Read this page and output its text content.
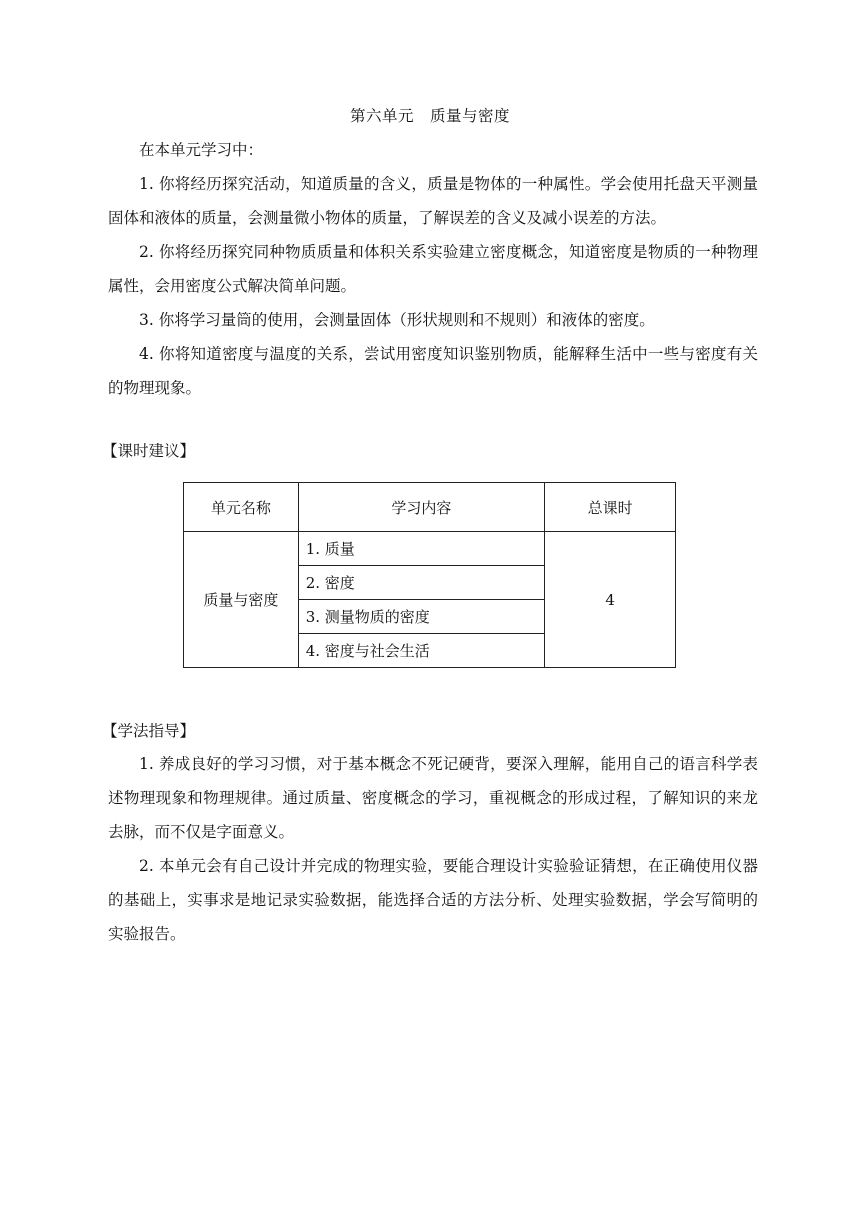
第六单元　质量与密度

在本单元学习中：

1. 你将经历探究活动，知道质量的含义，质量是物体的一种属性。学会使用托盘天平测量固体和液体的质量，会测量微小物体的质量，了解误差的含义及减小误差的方法。

2. 你将经历探究同种物质质量和体积关系实验建立密度概念，知道密度是物质的一种物理属性，会用密度公式解决简单问题。

3. 你将学习量筒的使用，会测量固体（形状规则和不规则）和液体的密度。

4. 你将知道密度与温度的关系，尝试用密度知识鉴别物质，能解释生活中一些与密度有关的物理现象。

【课时建议】

单元名称	学习内容	总课时
质量与密度	1. 质量	4
	2. 密度	
	3. 测量物质的密度	
	4. 密度与社会生活	

【学法指导】

1. 养成良好的学习习惯，对于基本概念不死记硬背，要深入理解，能用自己的语言科学表述物理现象和物理规律。通过质量、密度概念的学习，重视概念的形成过程，了解知识的来龙去脉，而不仅是字面意义。

2. 本单元会有自己设计并完成的物理实验，要能合理设计实验验证猜想，在正确使用仪器的基础上，实事求是地记录实验数据，能选择合适的方法分析、处理实验数据，学会写简明的实验报告。
